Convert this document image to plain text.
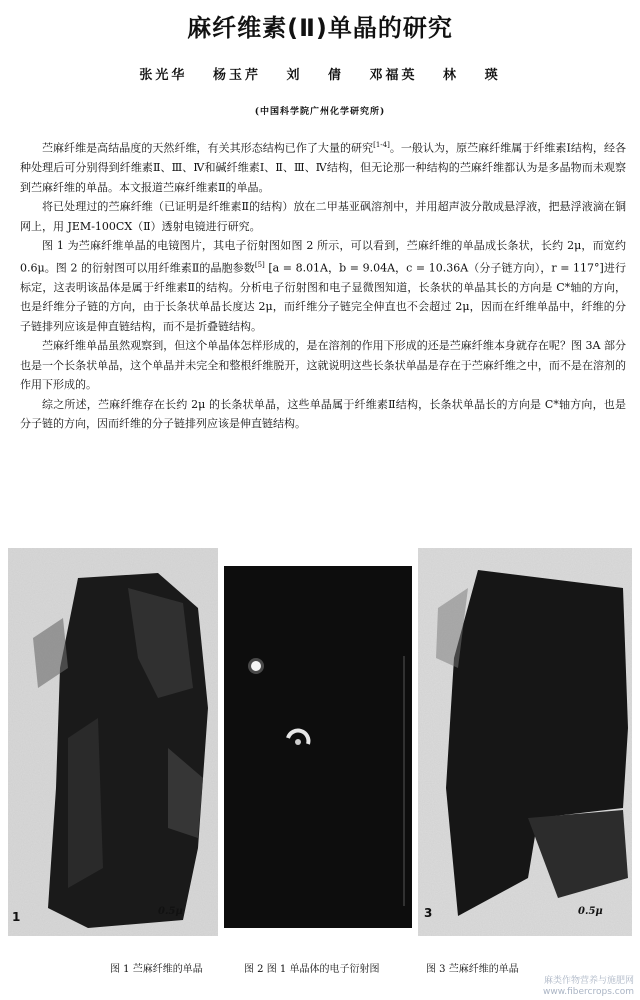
麻纤维素(Ⅱ)单晶的研究
张光华 杨玉芹 刘 倩 邓福英 林 瑛
(中国科学院广州化学研究所)

苎麻纤维是高结晶度的天然纤维，有关其形态结构已作了大量的研究[1-4]。一般认为，原苎麻纤维属于纤维素Ⅰ结构，经各种处理后可分别得到纤维素Ⅱ、Ⅲ、Ⅳ和碱纤维素Ⅰ、Ⅱ、Ⅲ、Ⅳ结构，但无论那一种结构的苎麻纤维都认为是多晶物而未观察到苎麻纤维的单晶。本文报道苎麻纤维素Ⅱ的单晶。

将已处理过的苎麻纤维（已证明是纤维素Ⅱ的结构）放在二甲基亚砜溶剂中，并用超声波分散成悬浮液，把悬浮液滴在铜网上，用 JEM-100CX（Ⅱ）透射电镜进行研究。

图 1 为苎麻纤维单晶的电镜图片，其电子衍射图如图 2 所示，可以看到，苎麻纤维的单晶成长条状，长约 2μ，而宽约 0.6μ。图 2 的衍射图可以用纤维素Ⅱ的晶胞参数[5] [a = 8.01A，b = 9.04A，c = 10.36A（分子链方向），r = 117°]进行标定，这表明该晶体是属于纤维素Ⅱ的结构。分析电子衍射图和电子显微图知道，长条状的单晶其长的方向是 C*轴的方向，也是纤维分子链的方向，由于长条状单晶长度达 2μ，而纤维分子链完全伸直也不会超过 2μ，因而在纤维单晶中，纤维的分子链排列应该是伸直链结构，而不是折叠链结构。

苎麻纤维单晶虽然观察到，但这个单晶体怎样形成的，是在溶剂的作用下形成的还是苎麻纤维本身就存在呢？图 3A 部分也是一个长条状单晶，这个单晶并未完全和整根纤维脱开，这就说明这些长条状单晶是存在于苎麻纤维之中，而不是在溶剂的作用下形成的。

综之所述，苎麻纤维存在长约 2μ 的长条状单晶，这些单晶属于纤维素Ⅱ结构，长条状单晶长的方向是 C*轴方向，也是分子链的方向，因而纤维的分子链排列应该是伸直链结构。

1	0.5μ	3	0.5μ
图 1 苎麻纤维的单晶	图 2 图 1 单晶体的电子衍射图	图 3 苎麻纤维的单晶
麻类作物营养与施肥网
www.fibercrops.com
